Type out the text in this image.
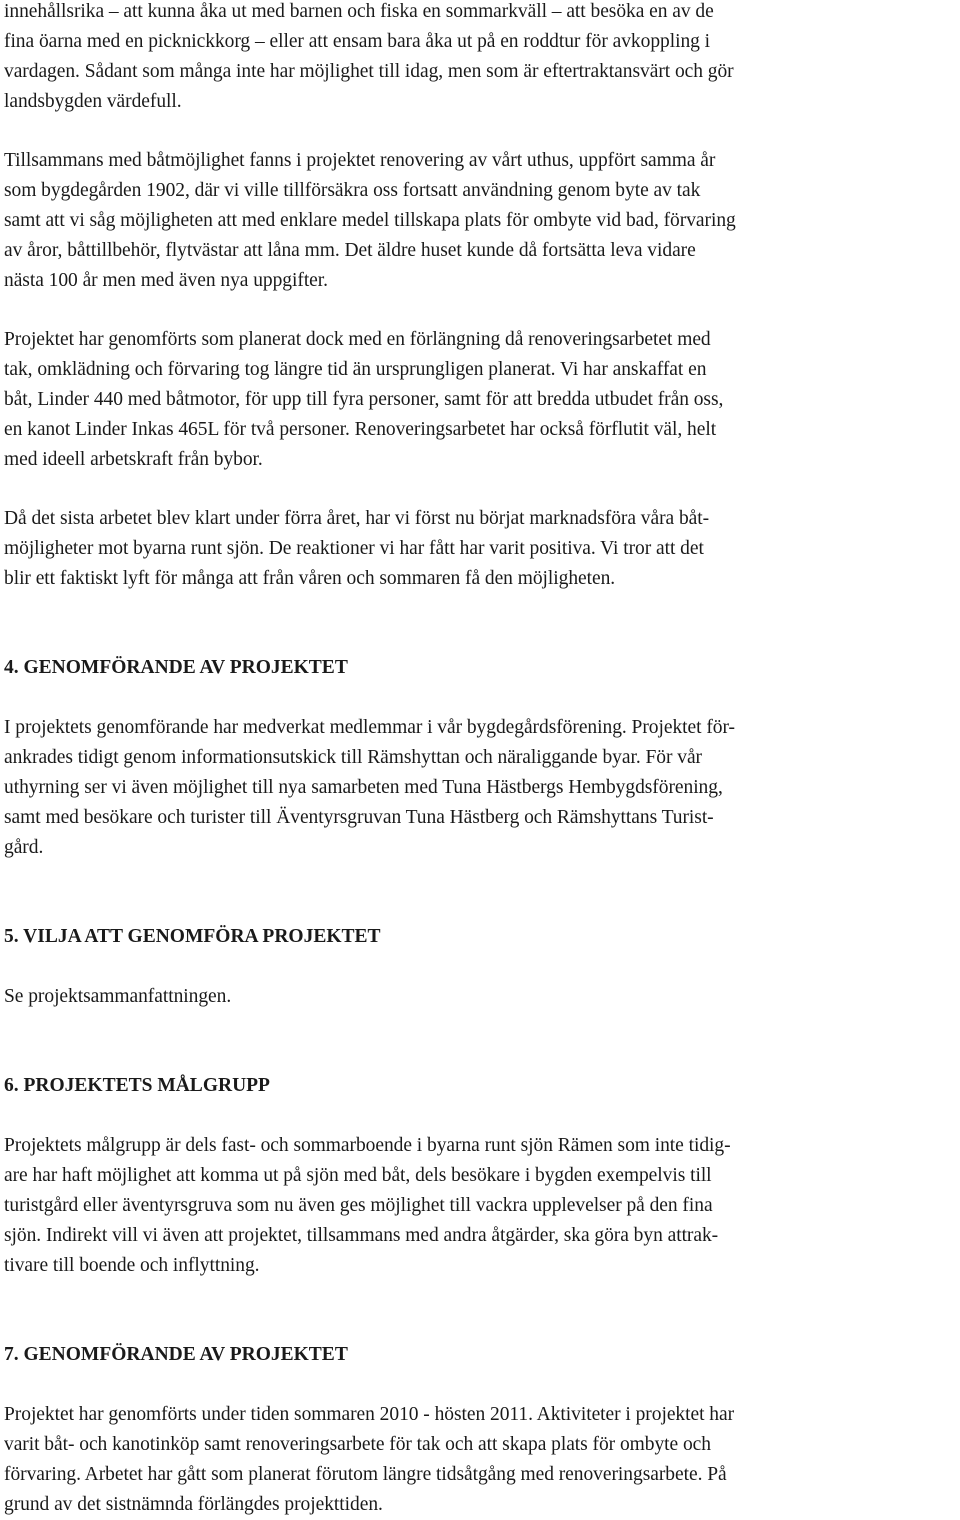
innehållsrika – att kunna åka ut med barnen och fiska en sommarkväll – att besöka en av de
fina öarna med en picknickkorg – eller att ensam bara åka ut på en roddtur för avkoppling i
vardagen. Sådant som många inte har möjlighet till idag, men som är eftertraktansvärt och gör
landsbygden värdefull.
Tillsammans med båtmöjlighet fanns i projektet renovering av vårt uthus, uppfört samma år
som bygdegården 1902, där vi ville tillförsäkra oss fortsatt användning genom byte av tak
samt att vi såg möjligheten att med enklare medel tillskapa plats för ombyte vid bad, förvaring
av åror, båttillbehör, flytvästar att låna mm. Det äldre huset kunde då fortsätta leva vidare
nästa 100 år men med även nya uppgifter.
Projektet har genomförts som planerat dock med en förlängning då renoveringsarbetet med
tak, omklädning och förvaring tog längre tid än ursprungligen planerat. Vi har anskaffat en
båt, Linder 440 med båtmotor, för upp till fyra personer, samt för att bredda utbudet från oss,
en kanot Linder Inkas 465L för två personer. Renoveringsarbetet har också förflutit väl, helt
med ideell arbetskraft från bybor.
Då det sista arbetet blev klart under förra året, har vi först nu börjat marknadsföra våra båt-
möjligheter mot byarna runt sjön. De reaktioner vi har fått har varit positiva. Vi tror att det
blir ett faktiskt lyft för många att från våren och sommaren få den möjligheten.
4. GENOMFÖRANDE AV PROJEKTET
I projektets genomförande har medverkat medlemmar i vår bygdegårdsförening. Projektet för-
ankrades tidigt genom informationsutskick till Rämshyttan och näraliggande byar. För vår
uthyrning ser vi även möjlighet till nya samarbeten med Tuna Hästbergs Hembygdsförening,
samt med besökare och turister till Äventyrsgruvan Tuna Hästberg och Rämshyttans Turist-
gård.
5. VILJA ATT GENOMFÖRA PROJEKTET
Se projektsammanfattningen.
6. PROJEKTETS MÅLGRUPP
Projektets målgrupp är dels fast- och sommarboende i byarna runt sjön Rämen som inte tidig-
are har haft möjlighet att komma ut på sjön med båt, dels besökare i bygden exempelvis till
turistgård eller äventyrsgruva som nu även ges möjlighet till vackra upplevelser på den fina
sjön. Indirekt vill vi även att projektet, tillsammans med andra åtgärder, ska göra byn attrak-
tivare till boende och inflyttning.
7. GENOMFÖRANDE AV PROJEKTET
Projektet har genomförts under tiden sommaren 2010 - hösten 2011. Aktiviteter i projektet har
varit båt- och kanotinköp samt renoveringsarbete för tak och att skapa plats för ombyte och
förvaring. Arbetet har gått som planerat förutom längre tidsåtgång med renoveringsarbete. På
grund av det sistnämnda förlängdes projekttiden.
